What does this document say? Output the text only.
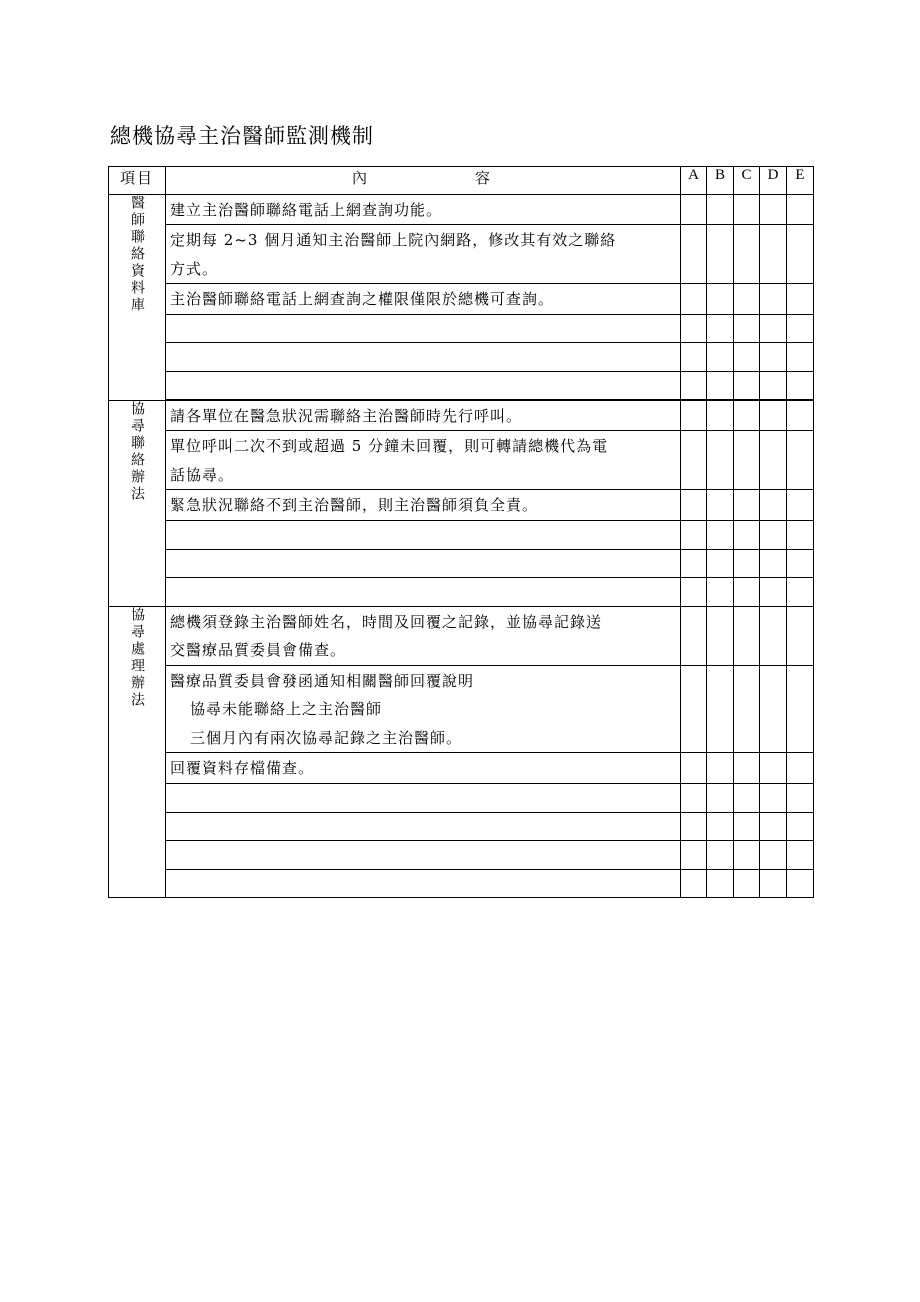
總機協尋主治醫師監測機制
項目	內 容	A	B	C	D	E
醫師聯絡資料庫	建立主治醫師聯絡電話上網查詢功能。					

	定期每 2~3 個月通知主治醫師上院內網路，修改其有效之聯絡
方式。					

	主治醫師聯絡電話上網查詢之權限僅限於總機可查詢。					

協尋聯絡辦法	請各單位在醫急狀況需聯絡主治醫師時先行呼叫。					

	單位呼叫二次不到或超過 5 分鐘未回覆，則可轉請總機代為電
話協尋。					

	緊急狀況聯絡不到主治醫師，則主治醫師須負全責。					

協尋處理辦法	總機須登錄主治醫師姓名，時間及回覆之記錄，並協尋記錄送
交醫療品質委員會備查。					

	醫療品質委員會發函通知相關醫師回覆說明
協尋未能聯絡上之主治醫師
三個月內有兩次協尋記錄之主治醫師。					

	回覆資料存檔備查。					
